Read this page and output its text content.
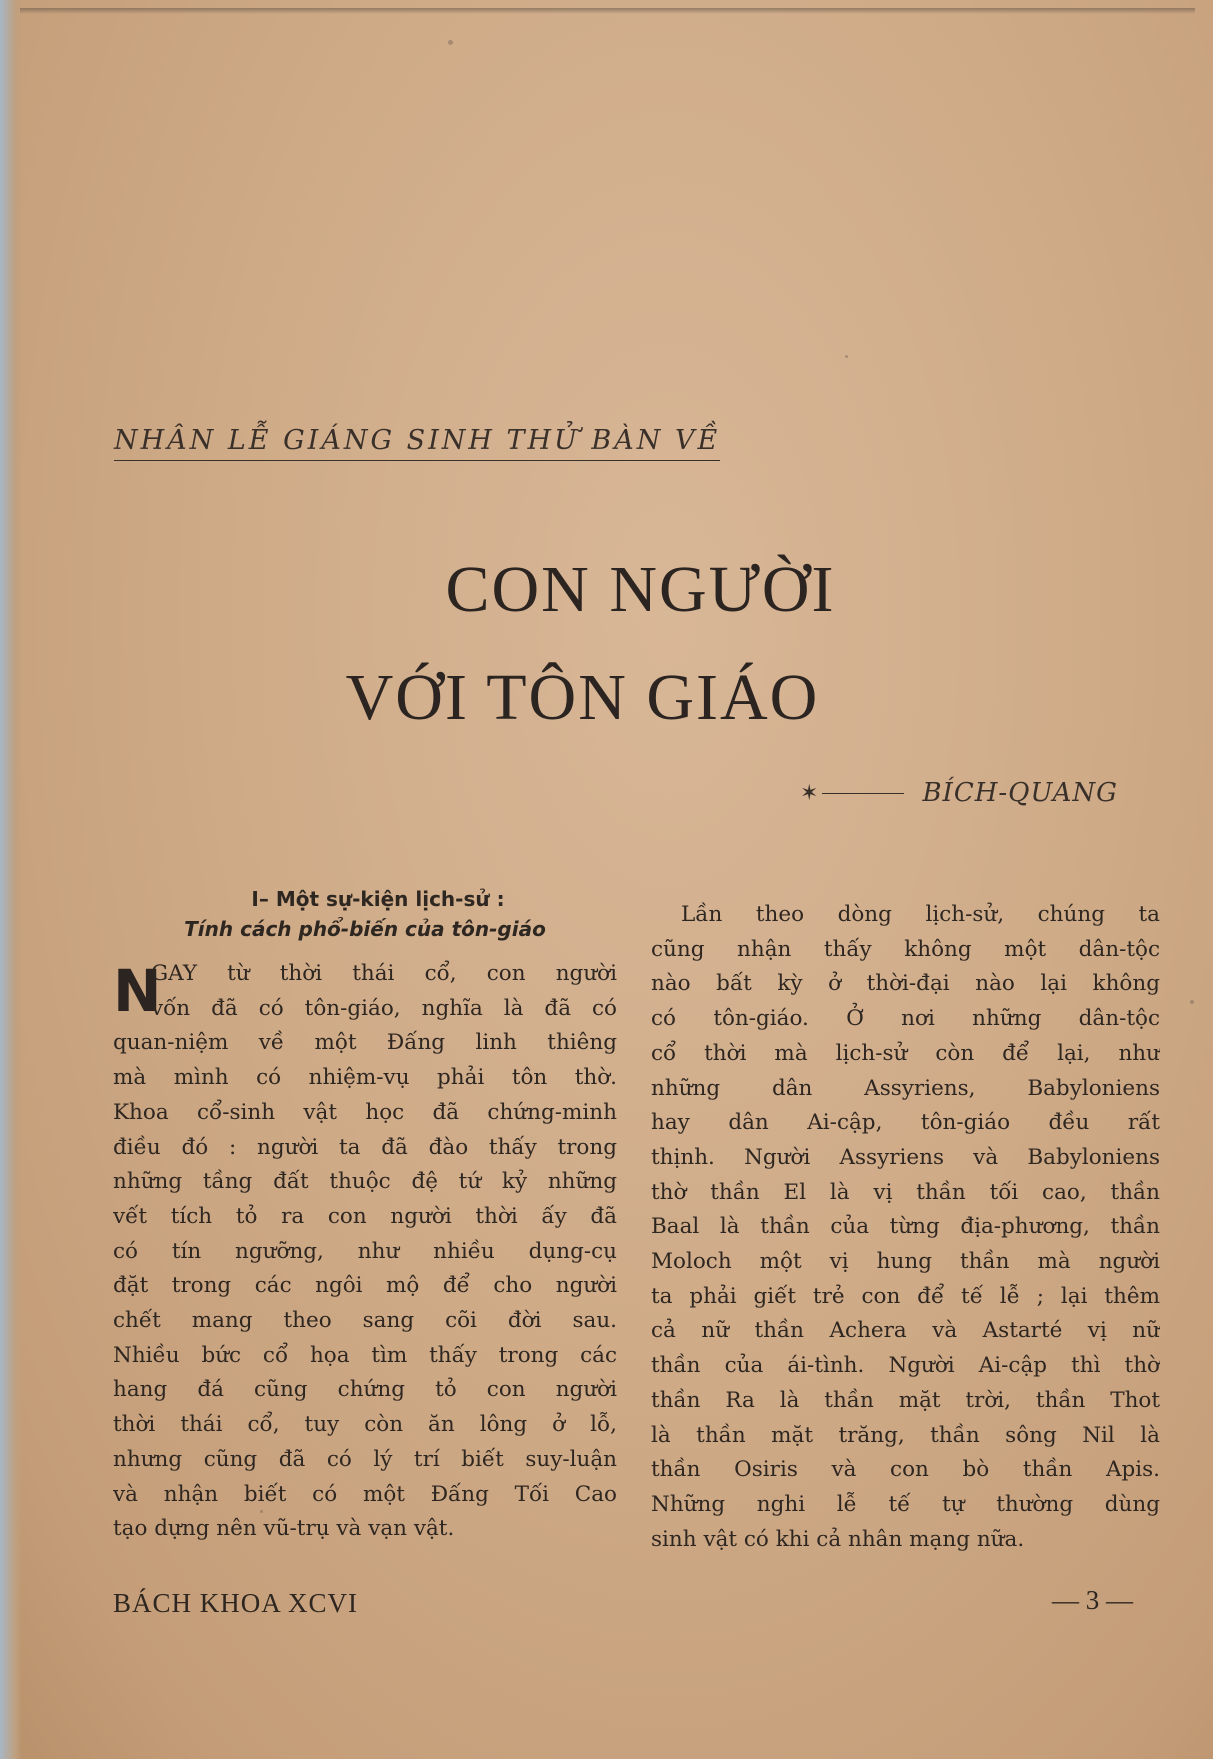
NHÂN LỄ GIÁNG SINH THỬ BÀN VỀ
CON NGƯỜI
VỚI TÔN GIÁO
✶	BÍCH-QUANG
I– Một sự-kiện lịch-sử :
Tính cách phổ-biến của tôn-giáo
N
GAY từ thời thái cổ, con người
vốn đã có tôn-giáo, nghĩa là đã có
quan-niệm về một Đấng linh thiêng
mà mình có nhiệm-vụ phải tôn thờ.
Khoa cổ-sinh vật học đã chứng-minh
điều đó : người ta đã đào thấy trong
những tầng đất thuộc đệ tứ kỷ những
vết tích tỏ ra con người thời ấy đã
có tín ngưỡng, như nhiều dụng-cụ
đặt trong các ngôi mộ để cho người
chết mang theo sang cõi đời sau.
Nhiều bức cổ họa tìm thấy trong các
hang đá cũng chứng tỏ con người
thời thái cổ, tuy còn ăn lông ở lỗ,
nhưng cũng đã có lý trí biết suy-luận
và nhận biết có một Đấng Tối Cao
tạo dựng nên vũ-trụ và vạn vật.
Lần theo dòng lịch-sử, chúng ta
cũng nhận thấy không một dân-tộc
nào bất kỳ ở thời-đại nào lại không
có tôn-giáo. Ở nơi những dân-tộc
cổ thời mà lịch-sử còn để lại, như
những dân Assyriens, Babyloniens
hay dân Ai-cập, tôn-giáo đều rất
thịnh. Người Assyriens và Babyloniens
thờ thần El là vị thần tối cao, thần
Baal là thần của từng địa-phương, thần
Moloch một vị hung thần mà người
ta phải giết trẻ con để tế lễ ; lại thêm
cả nữ thần Achera và Astarté vị nữ
thần của ái-tình. Người Ai-cập thì thờ
thần Ra là thần mặt trời, thần Thot
là thần mặt trăng, thần sông Nil là
thần Osiris và con bò thần Apis.
Những nghi lễ tế tự thường dùng
sinh vật có khi cả nhân mạng nữa.
BÁCH KHOA XCVI	— 3 —
